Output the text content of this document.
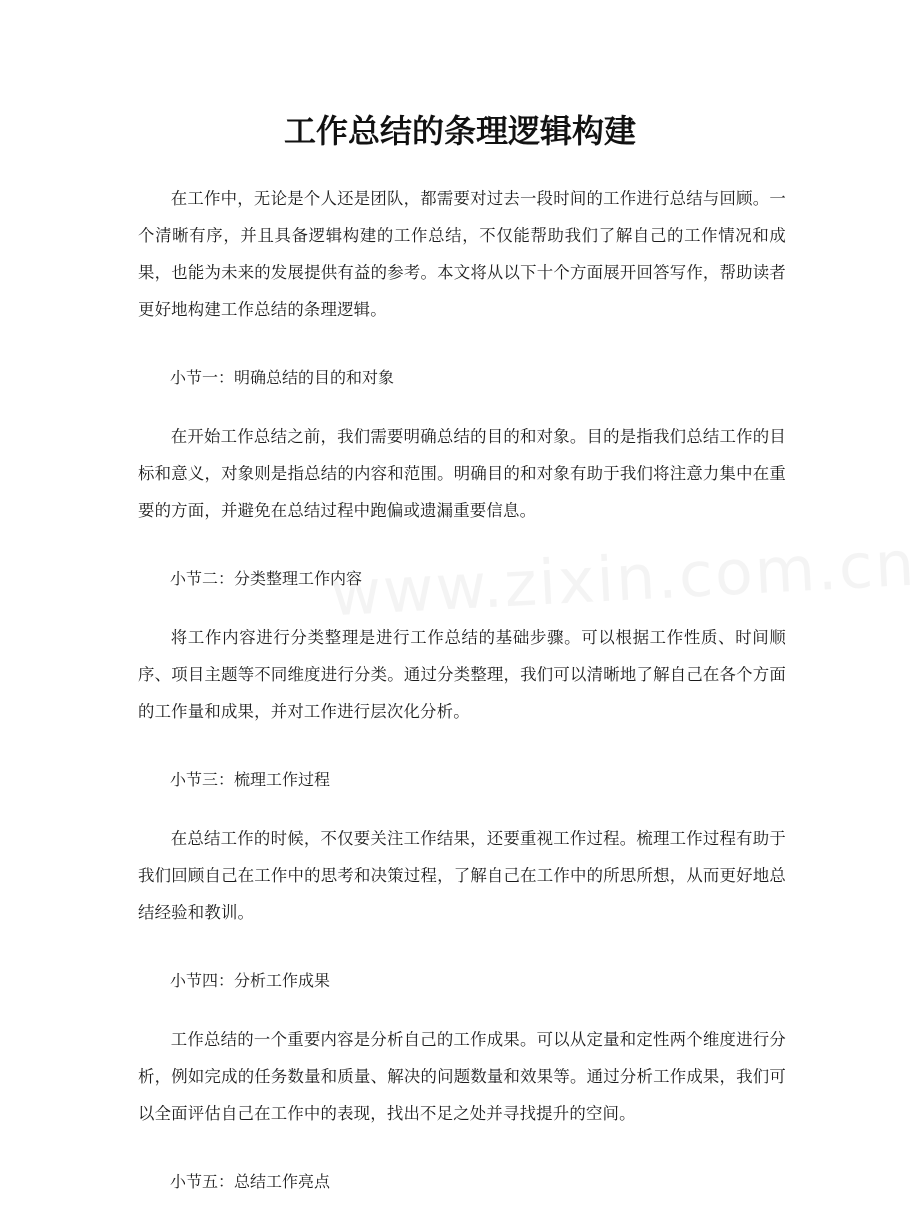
工作总结的条理逻辑构建

在工作中，无论是个人还是团队，都需要对过去一段时间的工作进行总结与回顾。一个清晰有序，并且具备逻辑构建的工作总结，不仅能帮助我们了解自己的工作情况和成果，也能为未来的发展提供有益的参考。本文将从以下十个方面展开回答写作，帮助读者更好地构建工作总结的条理逻辑。

小节一：明确总结的目的和对象

在开始工作总结之前，我们需要明确总结的目的和对象。目的是指我们总结工作的目标和意义，对象则是指总结的内容和范围。明确目的和对象有助于我们将注意力集中在重要的方面，并避免在总结过程中跑偏或遗漏重要信息。

小节二：分类整理工作内容

将工作内容进行分类整理是进行工作总结的基础步骤。可以根据工作性质、时间顺序、项目主题等不同维度进行分类。通过分类整理，我们可以清晰地了解自己在各个方面的工作量和成果，并对工作进行层次化分析。

小节三：梳理工作过程

在总结工作的时候，不仅要关注工作结果，还要重视工作过程。梳理工作过程有助于我们回顾自己在工作中的思考和决策过程，了解自己在工作中的所思所想，从而更好地总结经验和教训。

小节四：分析工作成果

工作总结的一个重要内容是分析自己的工作成果。可以从定量和定性两个维度进行分析，例如完成的任务数量和质量、解决的问题数量和效果等。通过分析工作成果，我们可以全面评估自己在工作中的表现，找出不足之处并寻找提升的空间。

小节五：总结工作亮点
